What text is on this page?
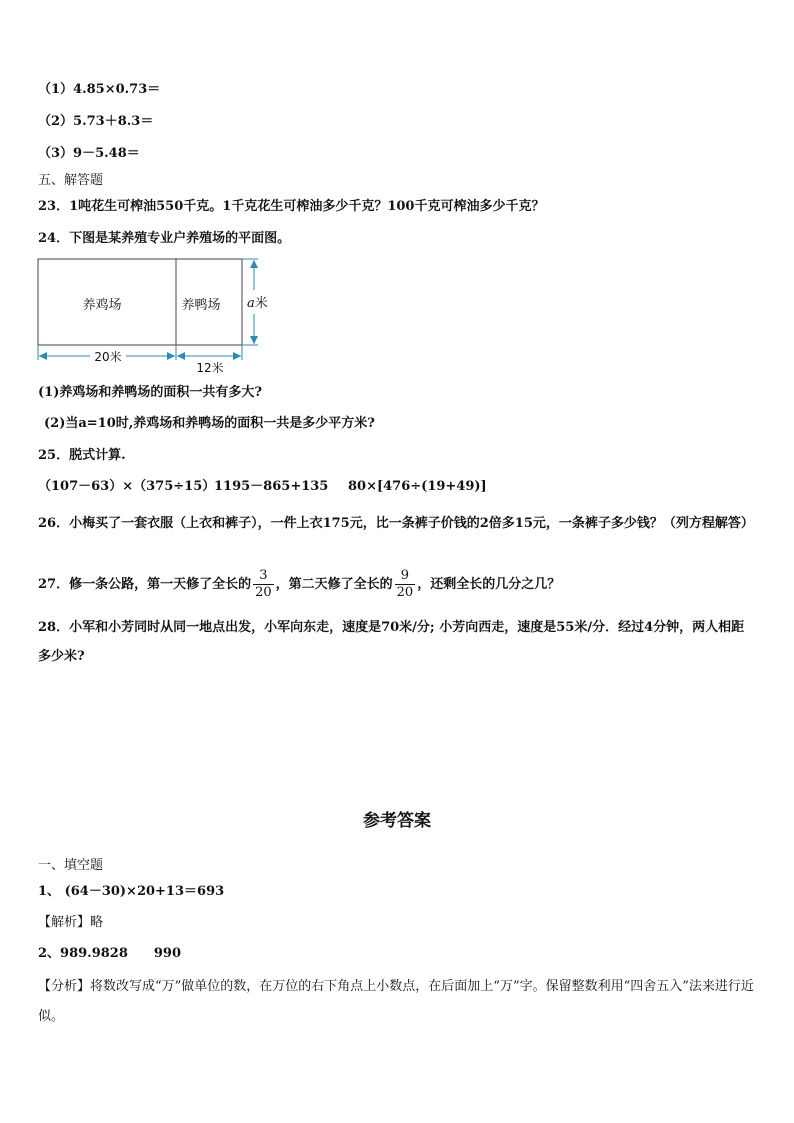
（1）4.85×0.73＝
（2）5.73＋8.3＝
（3）9－5.48＝
五、解答题
23．1吨花生可榨油550千克。1千克花生可榨油多少千克？100千克可榨油多少千克？
24．下图是某养殖专业户养殖场的平面图。
养鸡场	养鸭场 a米
20米
12米
(1)养鸡场和养鸭场的面积一共有多大?
(2)当a=10时,养鸡场和养鸭场的面积一共是多少平方米?
25．脱式计算.
（107－63）×（375÷15）
1195－865+135 80×[476÷(19+49)]
26．小梅买了一套衣服（上衣和裤子），一件上衣175元，比一条裤子价钱的2倍多15元，一条裤子多少钱？（列方程解答）
27．修一条公路，第一天修了全长的 $\frac{3}{20}$ ，第二天修了全长的 $\frac{9}{20}$ ，还剩全长的几分之几？
28．小军和小芳同时从同一地点出发，小军向东走，速度是70米/分; 小芳向西走，速度是55米/分．经过4分钟，两人相距多少米?
参考答案
一、填空题
1、 (64－30)×20+13＝693
【解析】略
2、989.9828　　990
【分析】将数改写成“万”做单位的数，在万位的右下角点上小数点，在后面加上“万”字。保留整数利用“四舍五入”法来进行近似。
